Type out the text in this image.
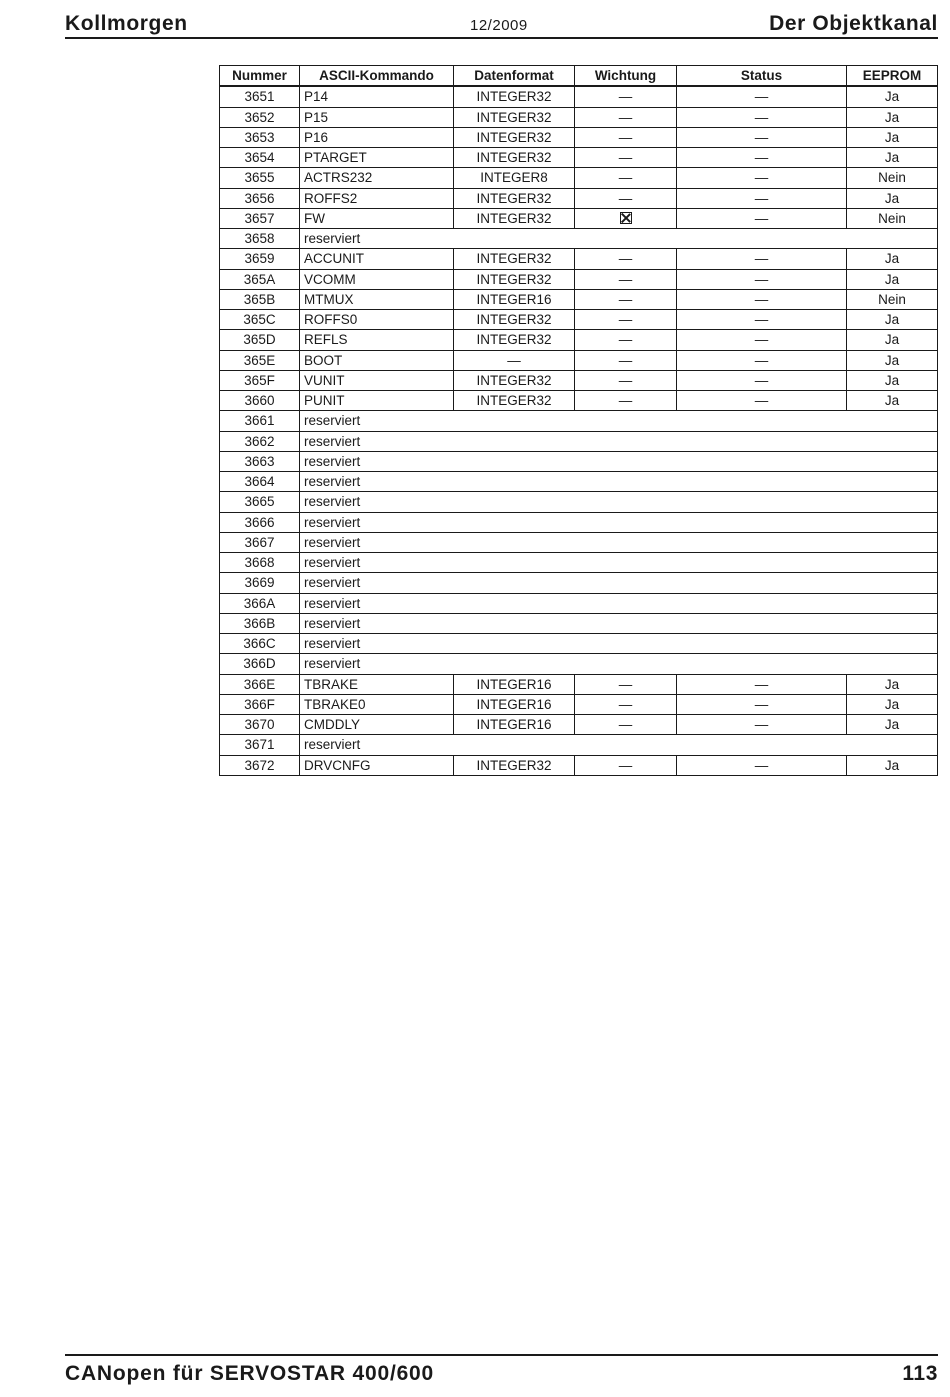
Kollmorgen	12/2009	Der Objektkanal
Nummer	ASCII-Kommando	Datenformat	Wichtung	Status	EEPROM
3651	P14	INTEGER32	—	—	Ja
3652	P15	INTEGER32	—	—	Ja
3653	P16	INTEGER32	—	—	Ja
3654	PTARGET	INTEGER32	—	—	Ja
3655	ACTRS232	INTEGER8	—	—	Nein
3656	ROFFS2	INTEGER32	—	—	Ja
3657	FW	INTEGER32		—	Nein
3658	reserviert				
3659	ACCUNIT	INTEGER32	—	—	Ja
365A	VCOMM	INTEGER32	—	—	Ja
365B	MTMUX	INTEGER16	—	—	Nein
365C	ROFFS0	INTEGER32	—	—	Ja
365D	REFLS	INTEGER32	—	—	Ja
365E	BOOT	—	—	—	Ja
365F	VUNIT	INTEGER32	—	—	Ja
3660	PUNIT	INTEGER32	—	—	Ja
3661	reserviert				
3662	reserviert				
3663	reserviert				
3664	reserviert				
3665	reserviert				
3666	reserviert				
3667	reserviert				
3668	reserviert				
3669	reserviert				
366A	reserviert				
366B	reserviert				
366C	reserviert				
366D	reserviert				
366E	TBRAKE	INTEGER16	—	—	Ja
366F	TBRAKE0	INTEGER16	—	—	Ja
3670	CMDDLY	INTEGER16	—	—	Ja
3671	reserviert				
3672	DRVCNFG	INTEGER32	—	—	Ja
CANopen für SERVOSTAR 400/600	113
